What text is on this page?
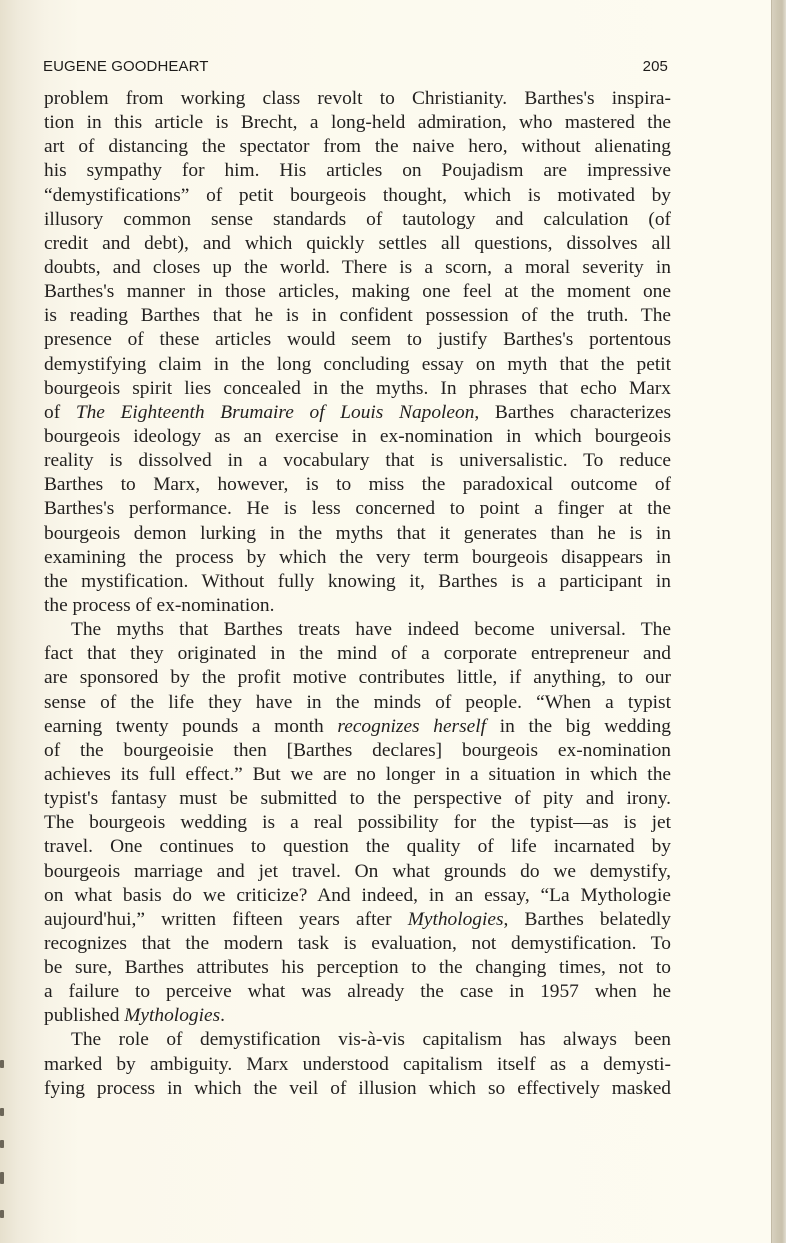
EUGENE GOODHEART	205
problem from working class revolt to Christianity. Barthes's inspira-
tion in this article is Brecht, a long-held admiration, who mastered the
art of distancing the spectator from the naive hero, without alienating
his sympathy for him. His articles on Poujadism are impressive
“demystifications” of petit bourgeois thought, which is motivated by
illusory common sense standards of tautology and calculation (of
credit and debt), and which quickly settles all questions, dissolves all
doubts, and closes up the world. There is a scorn, a moral severity in
Barthes's manner in those articles, making one feel at the moment one
is reading Barthes that he is in confident possession of the truth. The
presence of these articles would seem to justify Barthes's portentous
demystifying claim in the long concluding essay on myth that the petit
bourgeois spirit lies concealed in the myths. In phrases that echo Marx
of The Eighteenth Brumaire of Louis Napoleon, Barthes characterizes
bourgeois ideology as an exercise in ex-nomination in which bourgeois
reality is dissolved in a vocabulary that is universalistic. To reduce
Barthes to Marx, however, is to miss the paradoxical outcome of
Barthes's performance. He is less concerned to point a finger at the
bourgeois demon lurking in the myths that it generates than he is in
examining the process by which the very term bourgeois disappears in
the mystification. Without fully knowing it, Barthes is a participant in
the process of ex-nomination.
The myths that Barthes treats have indeed become universal. The
fact that they originated in the mind of a corporate entrepreneur and
are sponsored by the profit motive contributes little, if anything, to our
sense of the life they have in the minds of people. “When a typist
earning twenty pounds a month recognizes herself in the big wedding
of the bourgeoisie then [Barthes declares] bourgeois ex-nomination
achieves its full effect.” But we are no longer in a situation in which the
typist's fantasy must be submitted to the perspective of pity and irony.
The bourgeois wedding is a real possibility for the typist—as is jet
travel. One continues to question the quality of life incarnated by
bourgeois marriage and jet travel. On what grounds do we demystify,
on what basis do we criticize? And indeed, in an essay, “La Mythologie
aujourd'hui,” written fifteen years after Mythologies, Barthes belatedly
recognizes that the modern task is evaluation, not demystification. To
be sure, Barthes attributes his perception to the changing times, not to
a failure to perceive what was already the case in 1957 when he
published Mythologies.
The role of demystification vis-à-vis capitalism has always been
marked by ambiguity. Marx understood capitalism itself as a demysti-
fying process in which the veil of illusion which so effectively masked
